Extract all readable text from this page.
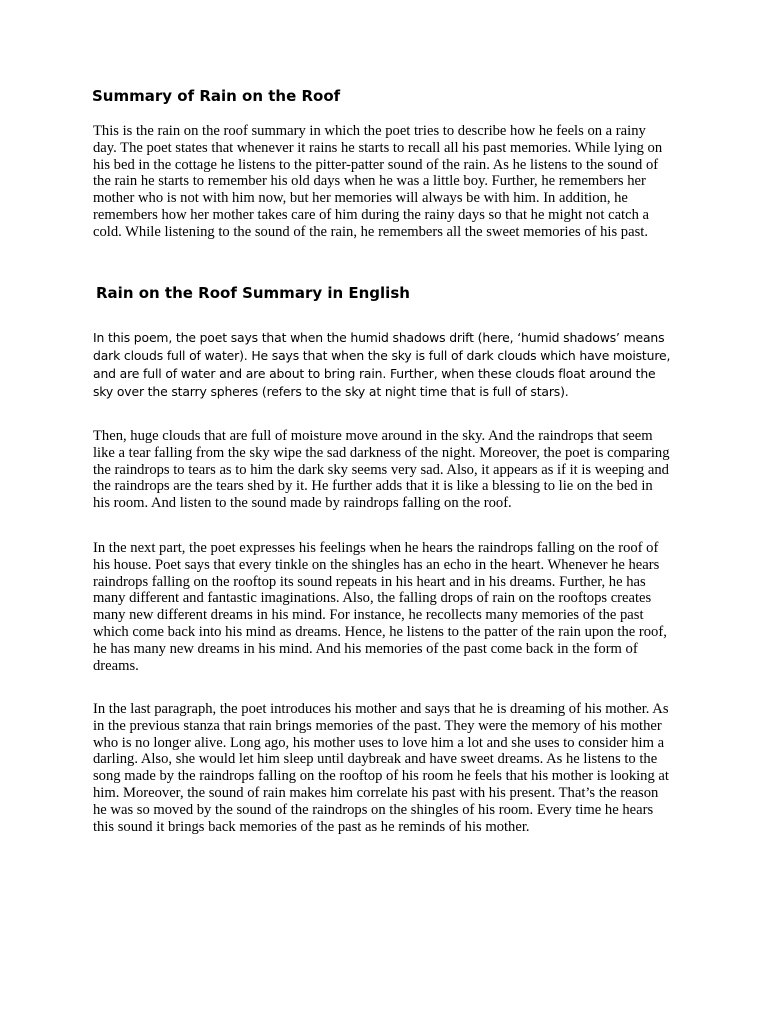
Summary of Rain on the Roof

This is the rain on the roof summary in which the poet tries to describe how he feels on a rainy day. The poet states that whenever it rains he starts to recall all his past memories. While lying on his bed in the cottage he listens to the pitter-patter sound of the rain. As he listens to the sound of the rain he starts to remember his old days when he was a little boy. Further, he remembers her mother who is not with him now, but her memories will always be with him. In addition, he remembers how her mother takes care of him during the rainy days so that he might not catch a cold. While listening to the sound of the rain, he remembers all the sweet memories of his past.

Rain on the Roof Summary in English

In this poem, the poet says that when the humid shadows drift (here, ‘humid shadows’ means dark clouds full of water). He says that when the sky is full of dark clouds which have moisture, and are full of water and are about to bring rain. Further, when these clouds float around the sky over the starry spheres (refers to the sky at night time that is full of stars).

Then, huge clouds that are full of moisture move around in the sky. And the raindrops that seem like a tear falling from the sky wipe the sad darkness of the night. Moreover, the poet is comparing the raindrops to tears as to him the dark sky seems very sad. Also, it appears as if it is weeping and the raindrops are the tears shed by it. He further adds that it is like a blessing to lie on the bed in his room. And listen to the sound made by raindrops falling on the roof.

In the next part, the poet expresses his feelings when he hears the raindrops falling on the roof of his house. Poet says that every tinkle on the shingles has an echo in the heart. Whenever he hears raindrops falling on the rooftop its sound repeats in his heart and in his dreams. Further, he has many different and fantastic imaginations. Also, the falling drops of rain on the rooftops creates many new different dreams in his mind. For instance, he recollects many memories of the past which come back into his mind as dreams. Hence, he listens to the patter of the rain upon the roof, he has many new dreams in his mind. And his memories of the past come back in the form of dreams.

In the last paragraph, the poet introduces his mother and says that he is dreaming of his mother. As in the previous stanza that rain brings memories of the past. They were the memory of his mother who is no longer alive. Long ago, his mother uses to love him a lot and she uses to consider him a darling. Also, she would let him sleep until daybreak and have sweet dreams. As he listens to the song made by the raindrops falling on the rooftop of his room he feels that his mother is looking at him. Moreover, the sound of rain makes him correlate his past with his present. That’s the reason he was so moved by the sound of the raindrops on the shingles of his room. Every time he hears this sound it brings back memories of the past as he reminds of his mother.
